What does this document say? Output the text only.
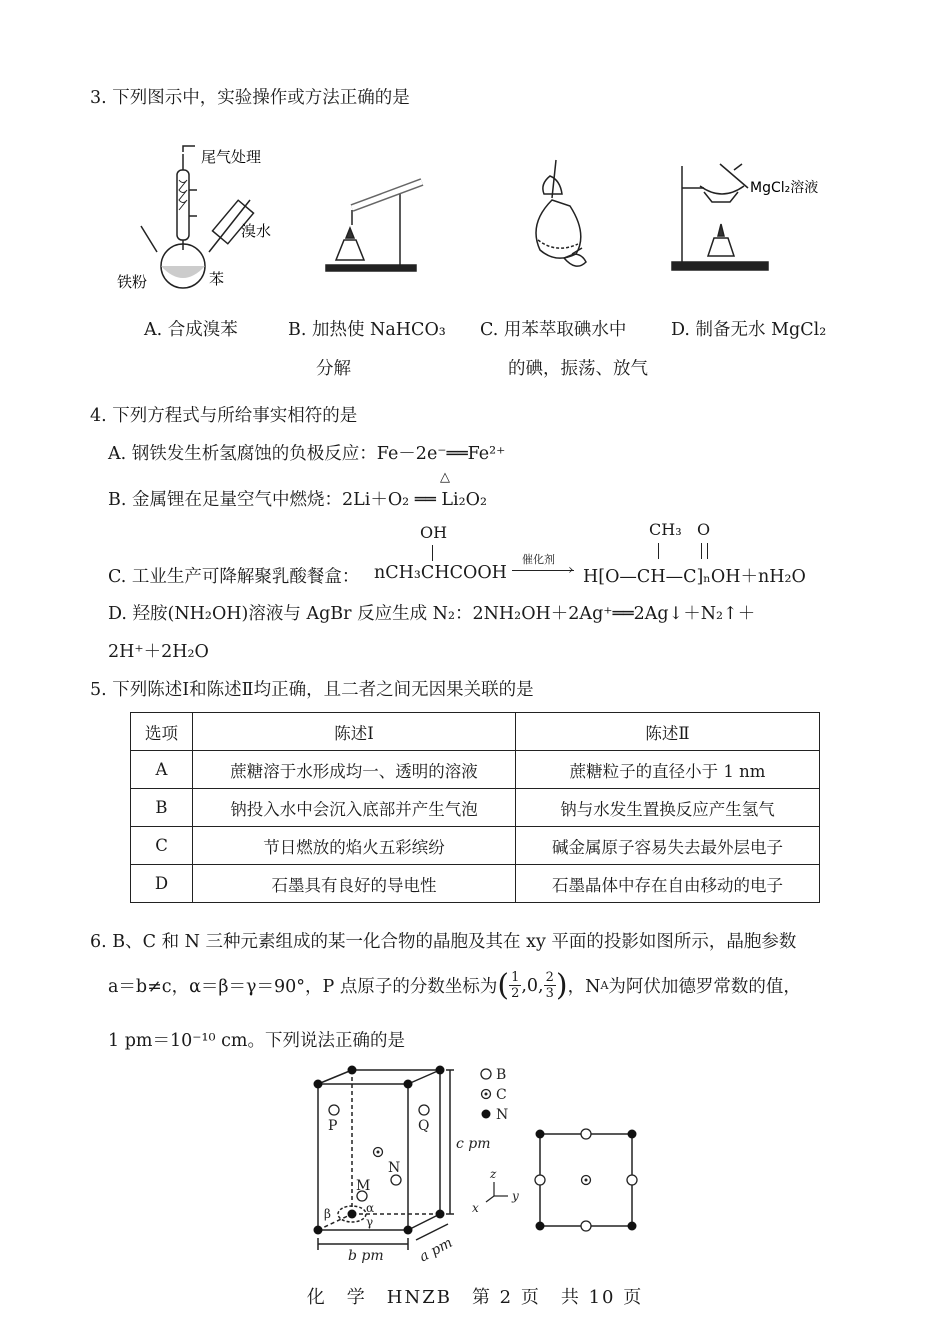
3. 下列图示中，实验操作或方法正确的是
尾气处理
溴水
铁粉	苯
MgCl₂溶液
A. 合成溴苯	B. 加热使 NaHCO₃
分解
C. 用苯萃取碘水中
的碘，振荡、放气
D. 制备无水 MgCl₂
4. 下列方程式与所给事实相符的是
A. 钢铁发生析氢腐蚀的负极反应：Fe－2e⁻══Fe²⁺
△
B. 金属锂在足量空气中燃烧：2Li＋O₂ ══ Li₂O₂
OH	CH₃ O
C. 工业生产可降解聚乳酸餐盒： nCH₃CHCOOH
催化剂
› H[O—CH—C]ₙOH＋nH₂O
D. 羟胺(NH₂OH)溶液与 AgBr 反应生成 N₂：2NH₂OH＋2Ag⁺══2Ag↓＋N₂↑＋
2H⁺＋2H₂O
5. 下列陈述Ⅰ和陈述Ⅱ均正确，且二者之间无因果关联的是
选项	陈述Ⅰ	陈述Ⅱ
A	蔗糖溶于水形成均一、透明的溶液	蔗糖粒子的直径小于 1 nm
B	钠投入水中会沉入底部并产生气泡	钠与水发生置换反应产生氢气
C	节日燃放的焰火五彩缤纷	碱金属原子容易失去最外层电子
D	石墨具有良好的导电性	石墨晶体中存在自由移动的电子
6. B、C 和 N 三种元素组成的某一化合物的晶胞及其在 xy 平面的投影如图所示，晶胞参数
a＝b≠c，α＝β＝γ＝90°，P 点原子的分数坐标为 ( $\frac{1}{2} ,0$, $\frac{2}{3}$ ) ，N A 为阿伏加德罗常数的值，
1 pm＝10⁻¹⁰ cm。下列说法正确的是
P	Q
M
N
α
β
γ
c pm
b pm a pm
B
C
N
z
y
x
化　学　HNZB　第 2 页　共 10 页
